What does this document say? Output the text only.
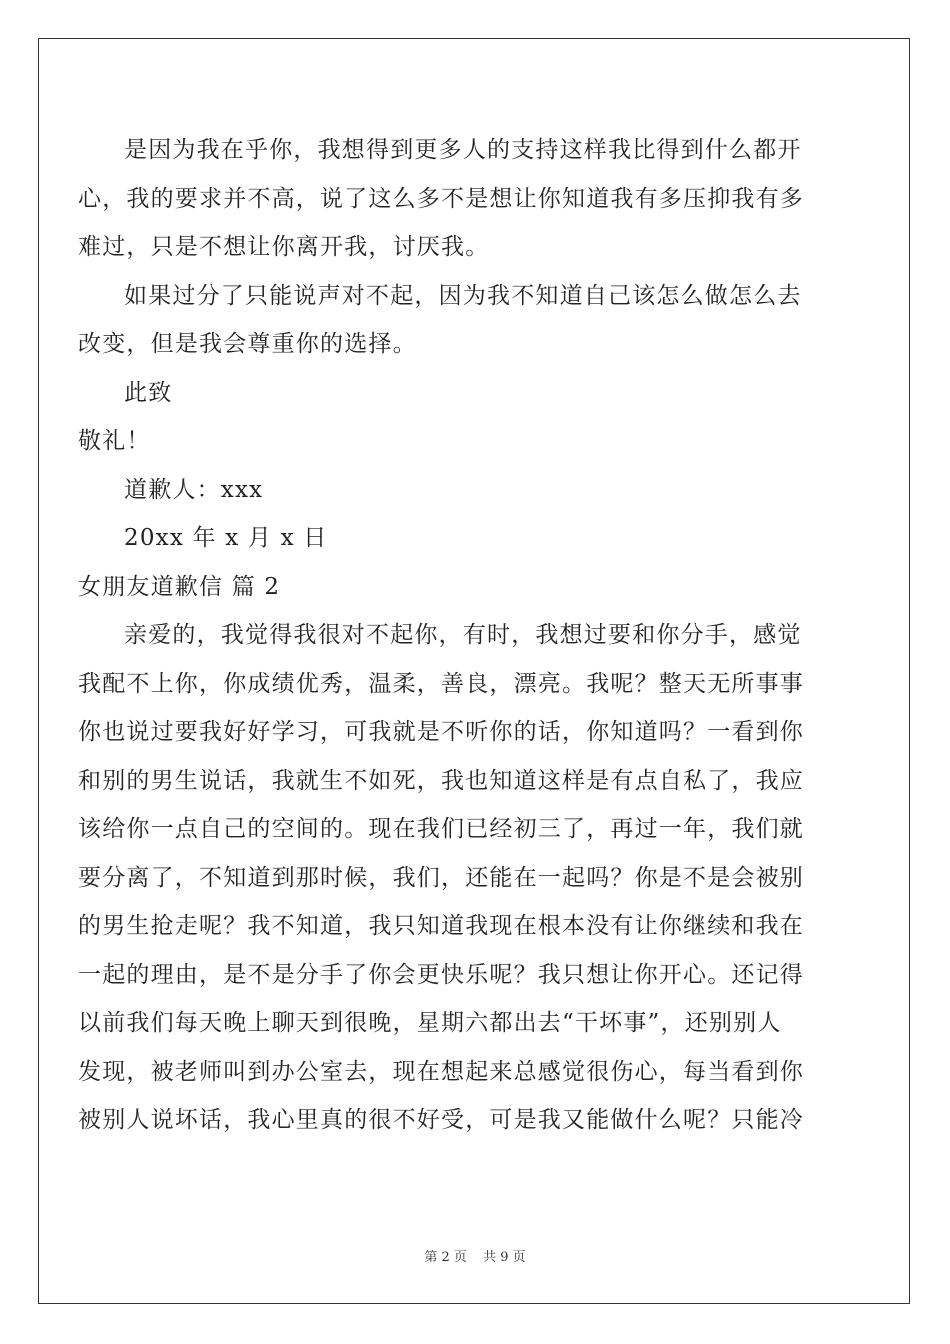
是因为我在乎你，我想得到更多人的支持这样我比得到什么都开
心，我的要求并不高，说了这么多不是想让你知道我有多压抑我有多
难过，只是不想让你离开我，讨厌我。
如果过分了只能说声对不起，因为我不知道自己该怎么做怎么去
改变，但是我会尊重你的选择。
此致
敬礼！
道歉人：xxx
20xx 年 x 月 x 日
女朋友道歉信 篇 2
亲爱的，我觉得我很对不起你，有时，我想过要和你分手，感觉
我配不上你，你成绩优秀，温柔，善良，漂亮。我呢？整天无所事事
你也说过要我好好学习，可我就是不听你的话，你知道吗？一看到你
和别的男生说话，我就生不如死，我也知道这样是有点自私了，我应
该给你一点自己的空间的。现在我们已经初三了，再过一年，我们就
要分离了，不知道到那时候，我们，还能在一起吗？你是不是会被别
的男生抢走呢？我不知道，我只知道我现在根本没有让你继续和我在
一起的理由，是不是分手了你会更快乐呢？我只想让你开心。还记得
以前我们每天晚上聊天到很晚，星期六都出去“干坏事”，还别别人
发现，被老师叫到办公室去，现在想起来总感觉很伤心，每当看到你
被别人说坏话，我心里真的很不好受，可是我又能做什么呢？只能冷
第 2 页 共 9 页
